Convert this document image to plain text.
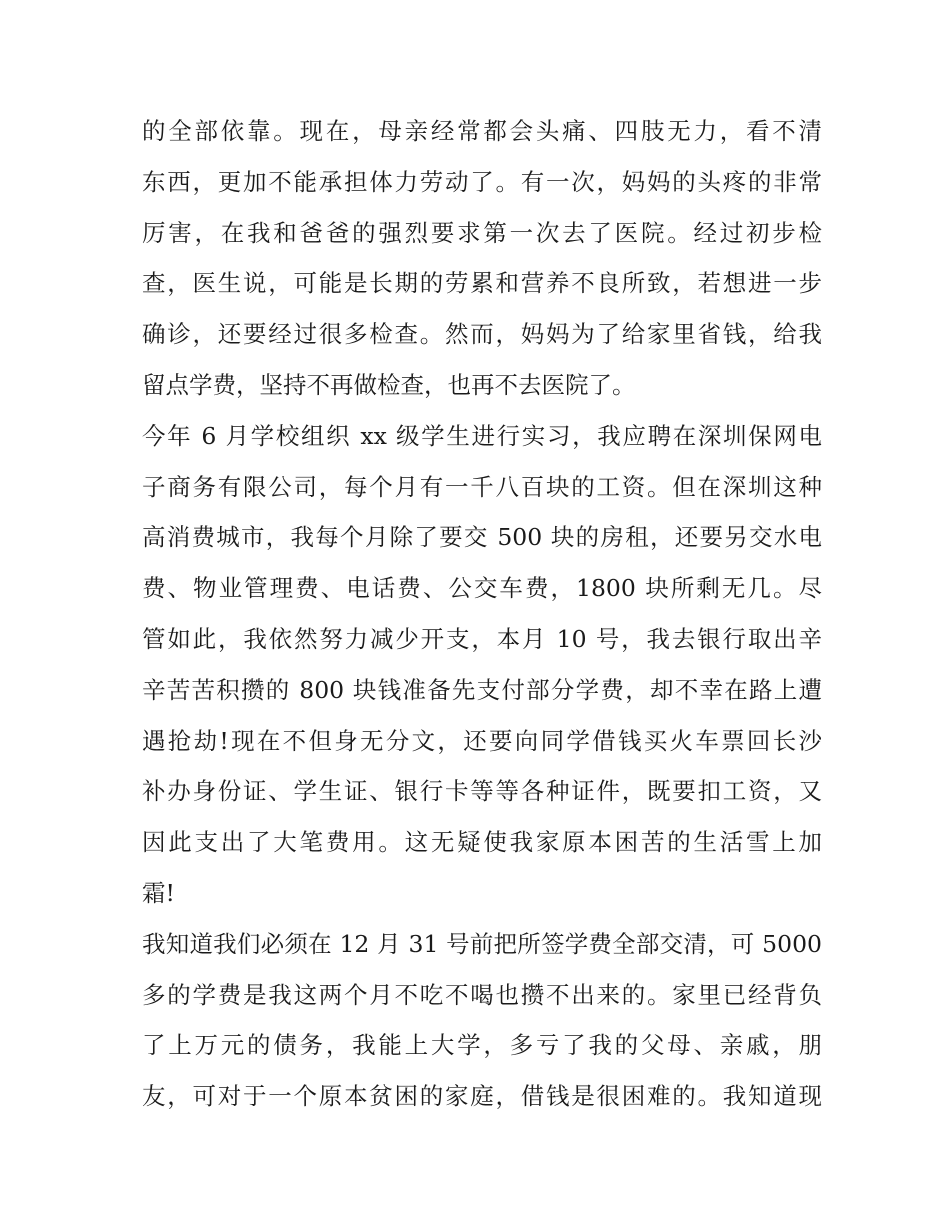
的全部依靠。现在，母亲经常都会头痛、四肢无力，看不清
东西，更加不能承担体力劳动了。有一次，妈妈的头疼的非常
厉害，在我和爸爸的强烈要求第一次去了医院。经过初步检
查，医生说，可能是长期的劳累和营养不良所致，若想进一步
确诊，还要经过很多检查。然而，妈妈为了给家里省钱，给我
留点学费，坚持不再做检查，也再不去医院了。
今年 6 月学校组织 xx 级学生进行实习，我应聘在深圳保网电
子商务有限公司，每个月有一千八百块的工资。但在深圳这种
高消费城市，我每个月除了要交 500 块的房租，还要另交水电
费、物业管理费、电话费、公交车费，1800 块所剩无几。尽
管如此，我依然努力减少开支，本月 10 号，我去银行取出辛
辛苦苦积攒的 800 块钱准备先支付部分学费，却不幸在路上遭
遇抢劫!现在不但身无分文，还要向同学借钱买火车票回长沙
补办身份证、学生证、银行卡等等各种证件，既要扣工资，又
因此支出了大笔费用。这无疑使我家原本困苦的生活雪上加
霜!
我知道我们必须在 12 月 31 号前把所签学费全部交清，可 5000
多的学费是我这两个月不吃不喝也攒不出来的。家里已经背负
了上万元的债务，我能上大学，多亏了我的父母、亲戚，朋
友，可对于一个原本贫困的家庭，借钱是很困难的。我知道现
